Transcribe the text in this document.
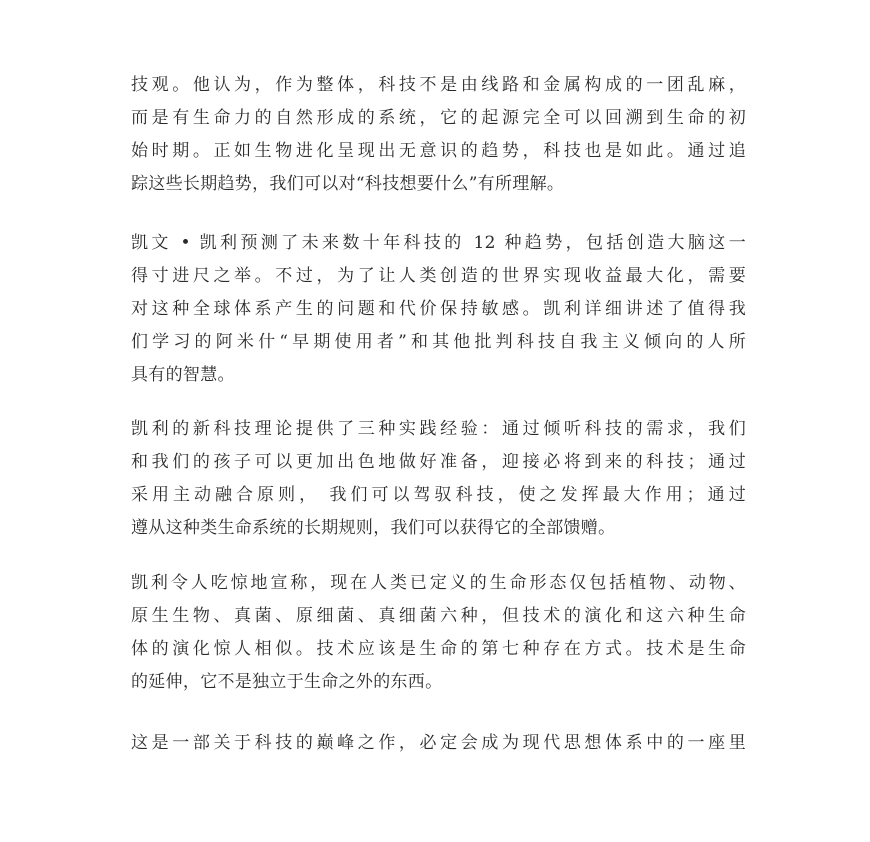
技观。他认为，作为整体，科技不是由线路和金属构成的一团乱麻，
而是有生命力的自然形成的系统，它的起源完全可以回溯到生命的初
始时期。正如生物进化呈现出无意识的趋势，科技也是如此。通过追
踪这些长期趋势，我们可以对“科技想要什么”有所理解。
凯文 • 凯利预测了未来数十年科技的 12 种趋势，包括创造大脑这一
得寸进尺之举。不过，为了让人类创造的世界实现收益最大化，需要
对这种全球体系产生的问题和代价保持敏感。凯利详细讲述了值得我
们学习的阿米什“早期使用者”和其他批判科技自我主义倾向的人所
具有的智慧。
凯利的新科技理论提供了三种实践经验：通过倾听科技的需求，我们
和我们的孩子可以更加出色地做好准备，迎接必将到来的科技；通过
采用主动融合原则， 我们可以驾驭科技，使之发挥最大作用；通过
遵从这种类生命系统的长期规则，我们可以获得它的全部馈赠。
凯利令人吃惊地宣称，现在人类已定义的生命形态仅包括植物、动物、
原生生物、真菌、原细菌、真细菌六种，但技术的演化和这六种生命
体的演化惊人相似。技术应该是生命的第七种存在方式。技术是生命
的延伸，它不是独立于生命之外的东西。
这是一部关于科技的巅峰之作，必定会成为现代思想体系中的一座里
